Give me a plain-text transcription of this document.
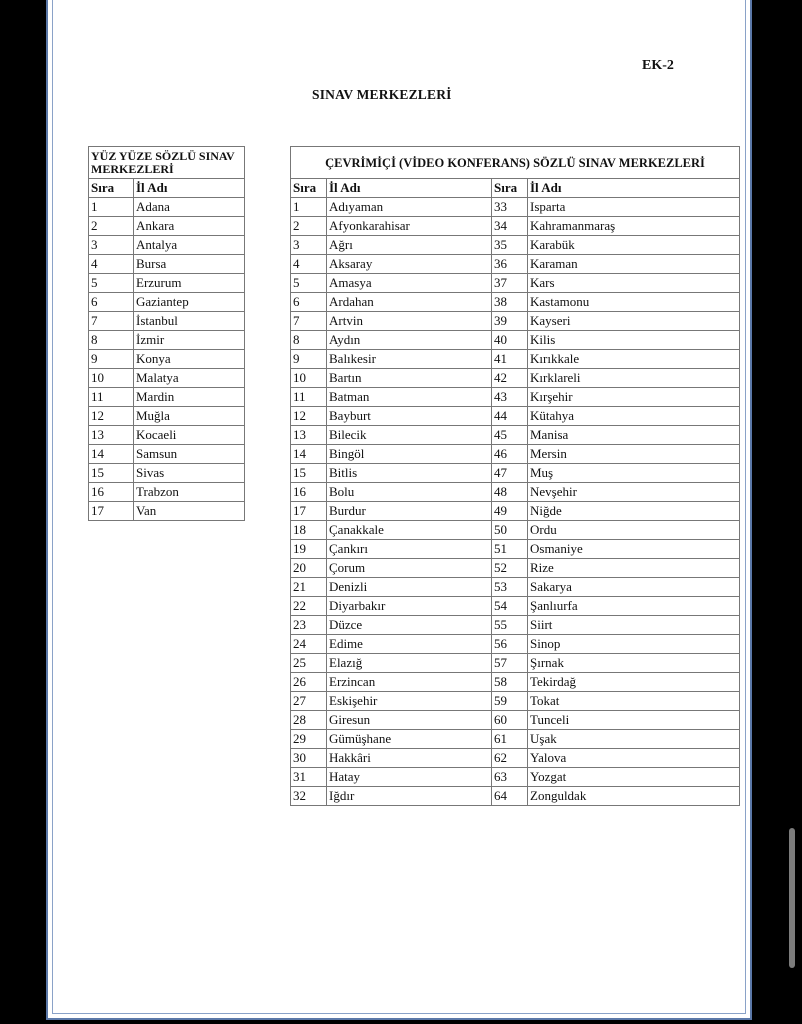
EK-2
SINAV MERKEZLERİ
YÜZ YÜZE SÖZLÜ SINAV MERKEZLERİ	
Sıra	İl Adı
1	Adana
2	Ankara
3	Antalya
4	Bursa
5	Erzurum
6	Gaziantep
7	İstanbul
8	İzmir
9	Konya
10	Malatya
11	Mardin
12	Muğla
13	Kocaeli
14	Samsun
15	Sivas
16	Trabzon
17	Van
ÇEVRİMİÇİ (VİDEO KONFERANS) SÖZLÜ SINAV MERKEZLERİ			
Sıra	İl Adı	Sıra	İl Adı
1	Adıyaman	33	Isparta
2	Afyonkarahisar	34	Kahramanmaraş
3	Ağrı	35	Karabük
4	Aksaray	36	Karaman
5	Amasya	37	Kars
6	Ardahan	38	Kastamonu
7	Artvin	39	Kayseri
8	Aydın	40	Kilis
9	Balıkesir	41	Kırıkkale
10	Bartın	42	Kırklareli
11	Batman	43	Kırşehir
12	Bayburt	44	Kütahya
13	Bilecik	45	Manisa
14	Bingöl	46	Mersin
15	Bitlis	47	Muş
16	Bolu	48	Nevşehir
17	Burdur	49	Niğde
18	Çanakkale	50	Ordu
19	Çankırı	51	Osmaniye
20	Çorum	52	Rize
21	Denizli	53	Sakarya
22	Diyarbakır	54	Şanlıurfa
23	Düzce	55	Siirt
24	Edime	56	Sinop
25	Elazığ	57	Şırnak
26	Erzincan	58	Tekirdağ
27	Eskişehir	59	Tokat
28	Giresun	60	Tunceli
29	Gümüşhane	61	Uşak
30	Hakkâri	62	Yalova
31	Hatay	63	Yozgat
32	Iğdır	64	Zonguldak
